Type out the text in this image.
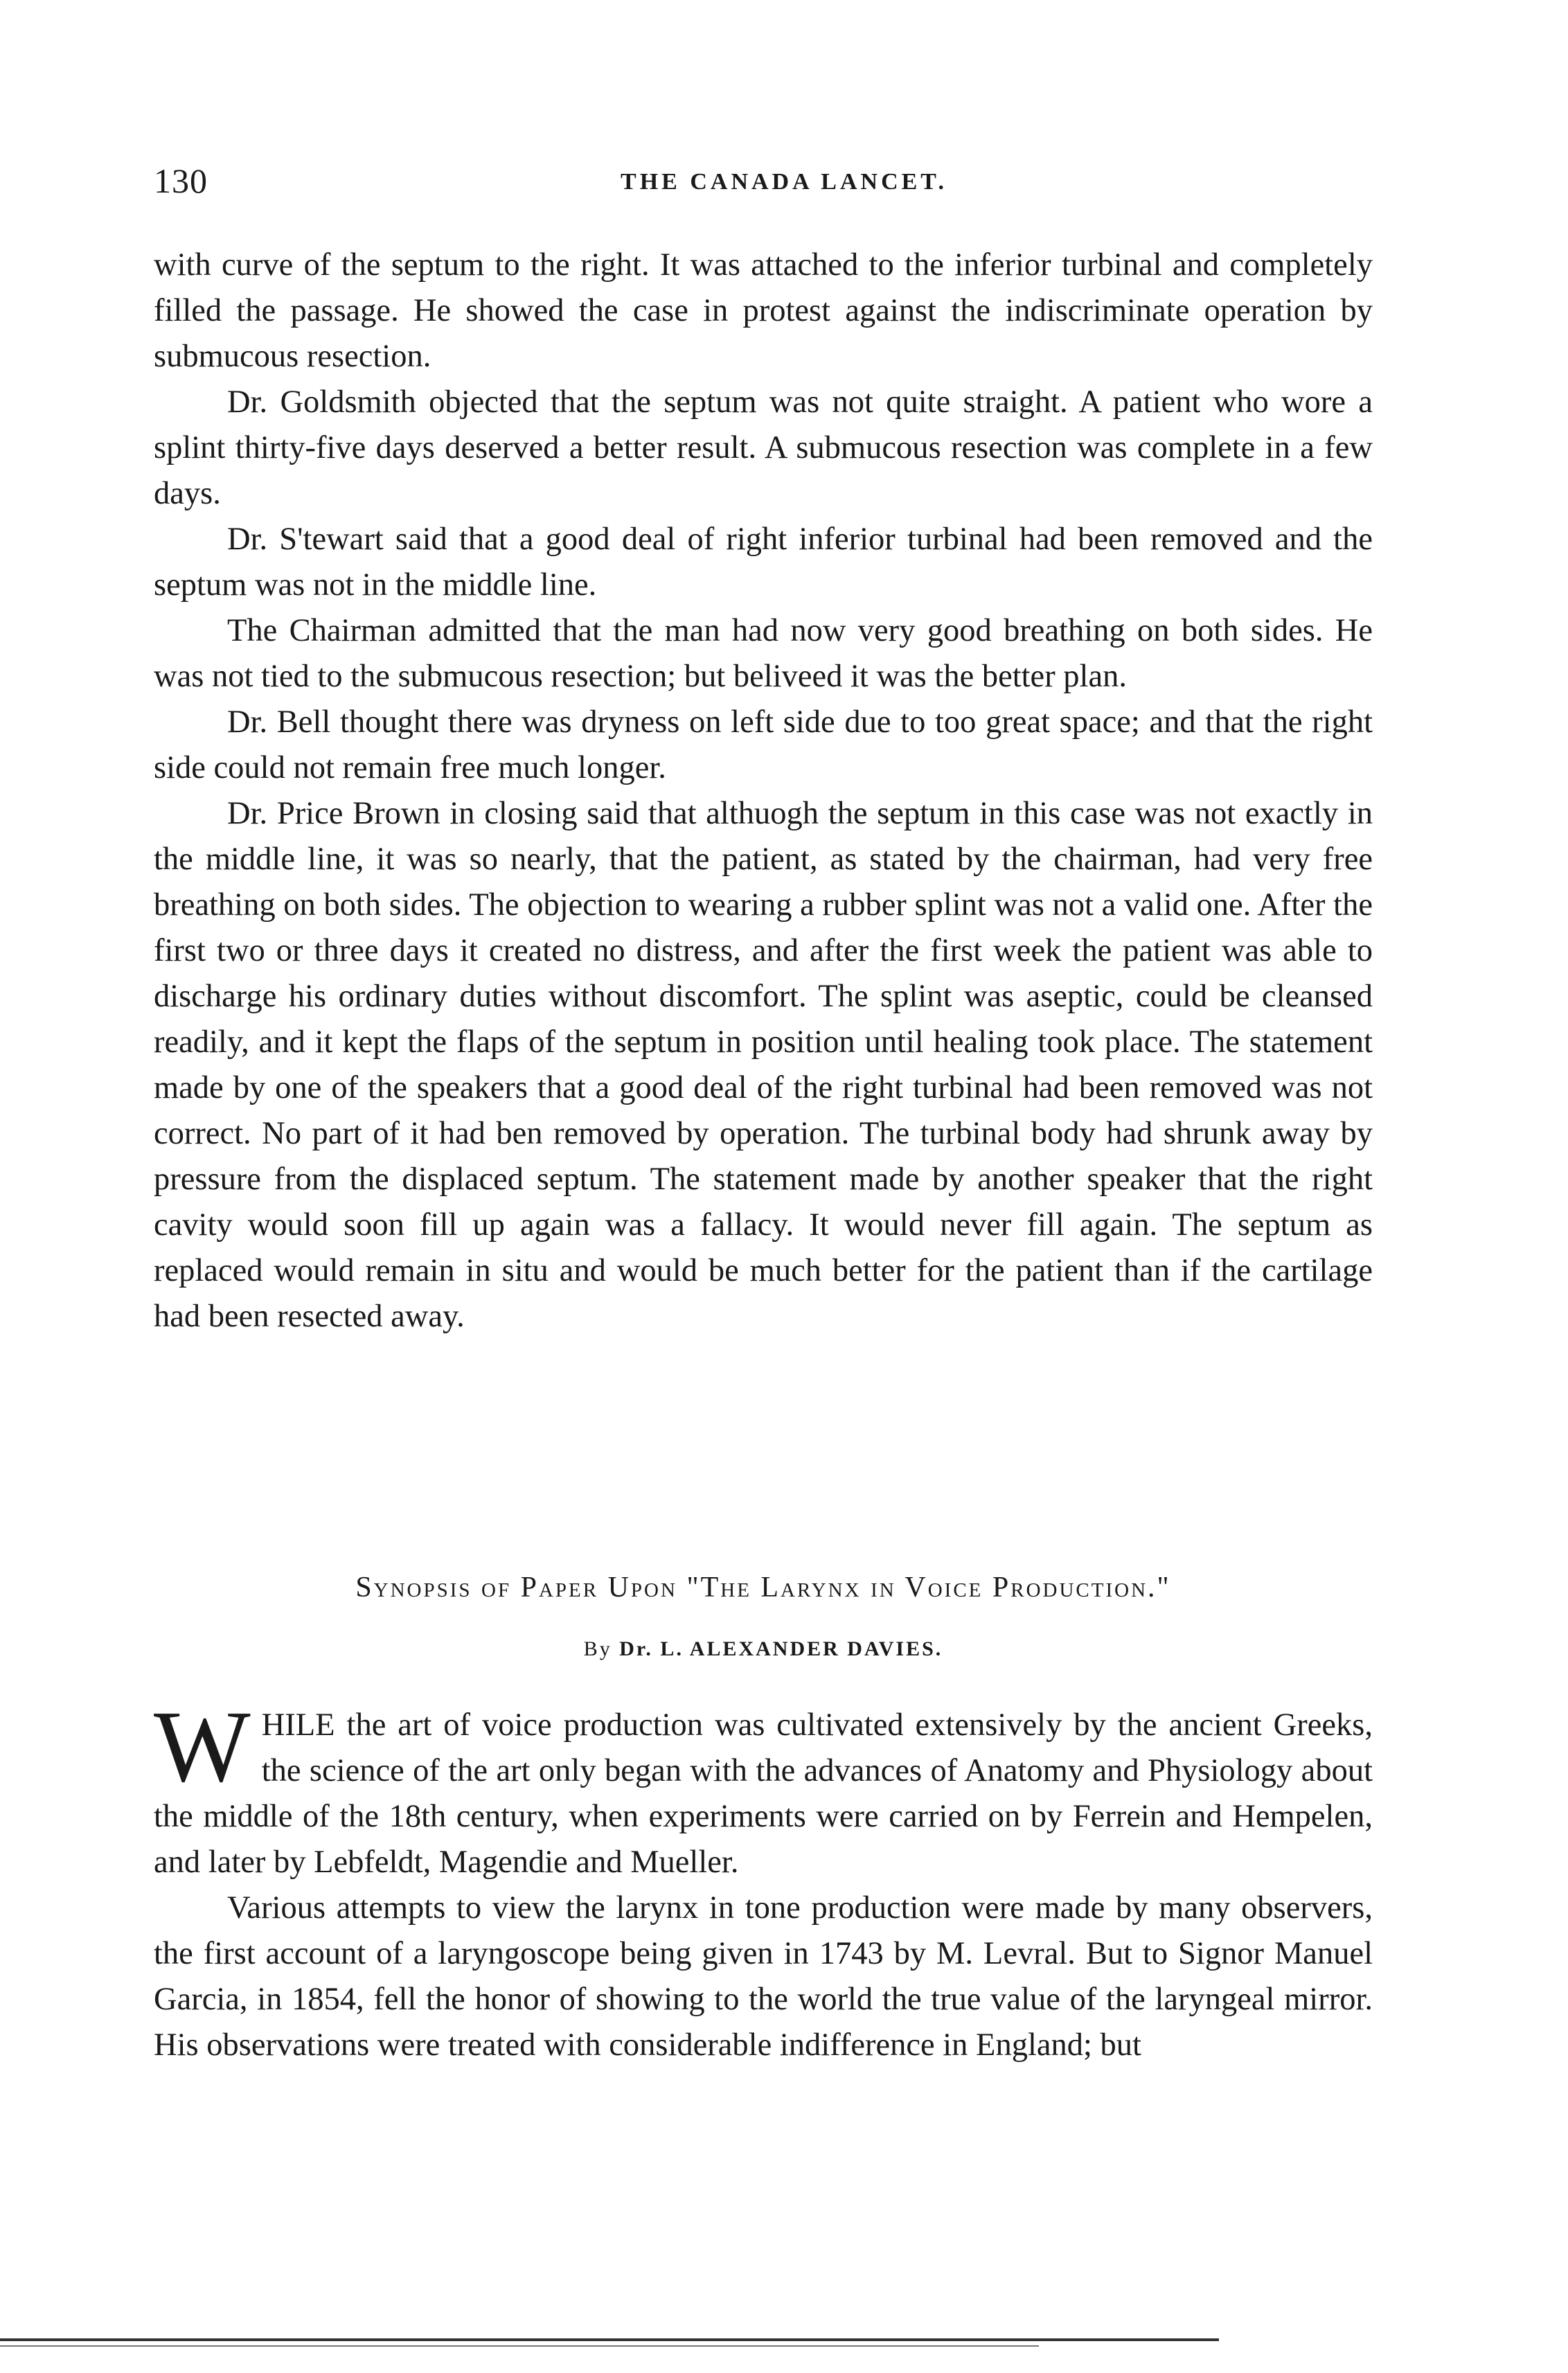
130	THE CANADA LANCET.

with curve of the septum to the right. It was attached to the inferior turbinal and completely filled the passage. He showed the case in protest against the indiscriminate operation by submucous resection.

Dr. Goldsmith objected that the septum was not quite straight. A patient who wore a splint thirty-five days deserved a better result. A submucous resection was complete in a few days.

Dr. S'tewart said that a good deal of right inferior turbinal had been removed and the septum was not in the middle line.

The Chairman admitted that the man had now very good breathing on both sides. He was not tied to the submucous resection; but beliveed it was the better plan.

Dr. Bell thought there was dryness on left side due to too great space; and that the right side could not remain free much longer.

Dr. Price Brown in closing said that althuogh the septum in this case was not exactly in the middle line, it was so nearly, that the patient, as stated by the chairman, had very free breathing on both sides. The objection to wearing a rubber splint was not a valid one. After the first two or three days it created no distress, and after the first week the patient was able to discharge his ordinary duties without discomfort. The splint was aseptic, could be cleansed readily, and it kept the flaps of the septum in position until healing took place. The statement made by one of the speakers that a good deal of the right turbinal had been removed was not correct. No part of it had ben removed by operation. The turbinal body had shrunk away by pressure from the displaced septum. The statement made by another speaker that the right cavity would soon fill up again was a fallacy. It would never fill again. The septum as replaced would remain in situ and would be much better for the patient than if the cartilage had been resected away.

Synopsis of Paper Upon "The Larynx in Voice Production."
By Dr. L. ALEXANDER DAVIES.

WHILE the art of voice production was cultivated extensively by the ancient Greeks, the science of the art only began with the advances of Anatomy and Physiology about the middle of the 18th century, when experiments were carried on by Ferrein and Hempelen, and later by Lebfeldt, Magendie and Mueller.

Various attempts to view the larynx in tone production were made by many observers, the first account of a laryngoscope being given in 1743 by M. Levral. But to Signor Manuel Garcia, in 1854, fell the honor of showing to the world the true value of the laryngeal mirror. His observations were treated with considerable indifference in England; but
